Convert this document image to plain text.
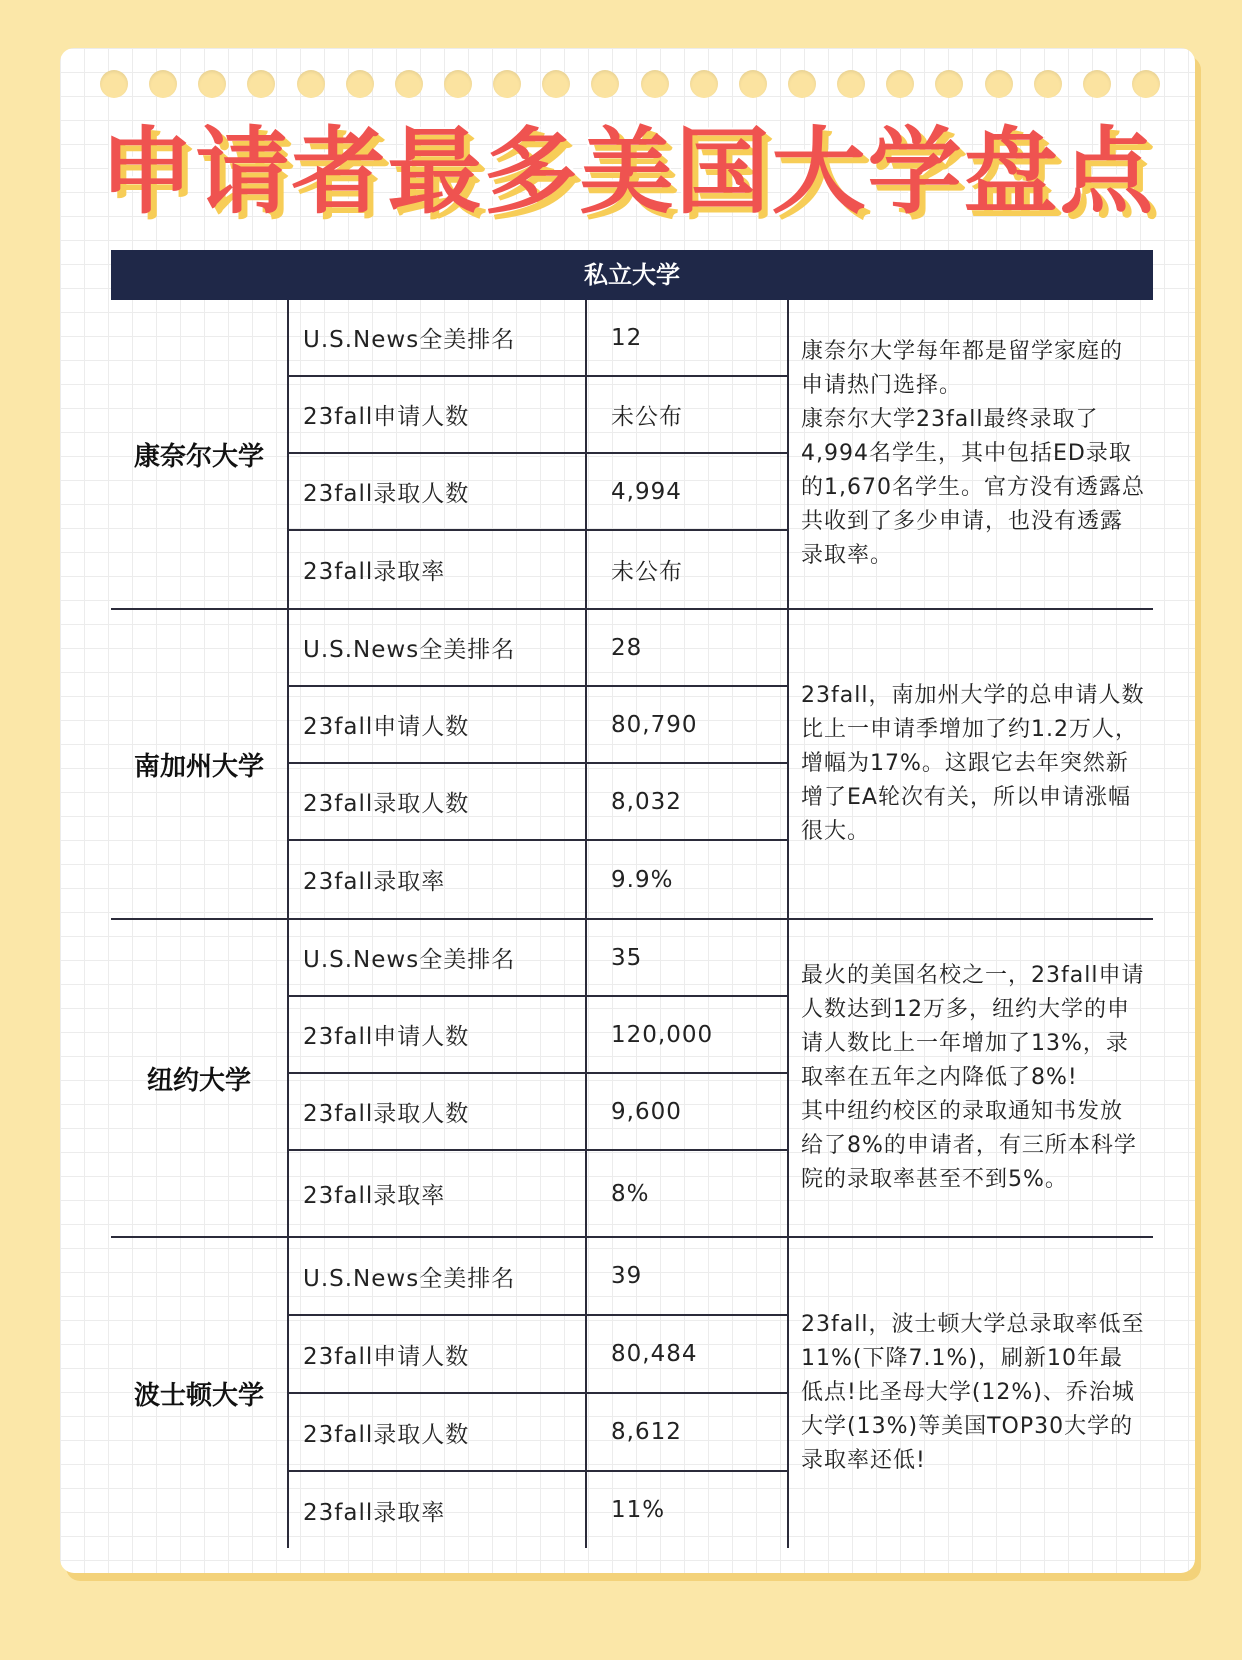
申请者最多美国大学盘点
私立大学
康奈尔大学
U.S.News全美排名	12
23fall申请人数	未公布
23fall录取人数	4,994
23fall录取率	未公布
康奈尔大学每年都是留学家庭的申请热门选择。
康奈尔大学23fall最终录取了4,994名学生，其中包括ED录取的1,670名学生。官方没有透露总共收到了多少申请，也没有透露录取率。
南加州大学
U.S.News全美排名	28
23fall申请人数	80,790
23fall录取人数	8,032
23fall录取率	9.9%
23fall，南加州大学的总申请人数比上一申请季增加了约1.2万人，增幅为17%。这跟它去年突然新增了EA轮次有关，所以申请涨幅很大。
纽约大学
U.S.News全美排名	35
23fall申请人数	120,000
23fall录取人数	9,600
23fall录取率	8%
最火的美国名校之一，23fall申请人数达到12万多，纽约大学的申请人数比上一年增加了13%，录取率在五年之内降低了8%!
其中纽约校区的录取通知书发放给了8%的申请者，有三所本科学院的录取率甚至不到5%。
波士顿大学
U.S.News全美排名	39
23fall申请人数	80,484
23fall录取人数	8,612
23fall录取率	11%
23fall，波士顿大学总录取率低至11%(下降7.1%)，刷新10年最低点!比圣母大学(12%)、乔治城大学(13%)等美国TOP30大学的录取率还低!
